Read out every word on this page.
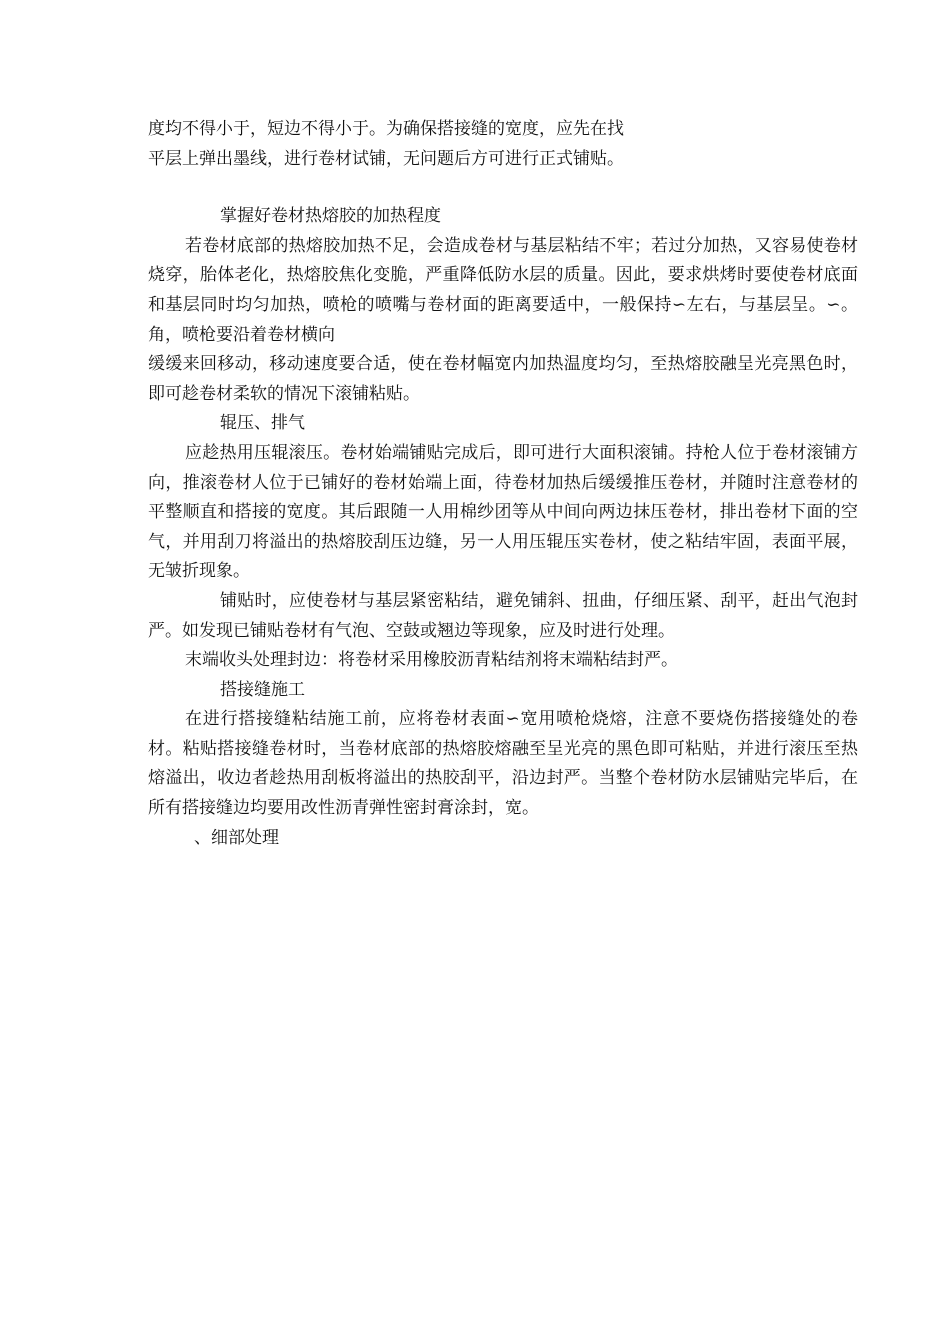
度均不得小于，短边不得小于。为确保搭接缝的宽度，应先在找

平层上弹出墨线，进行卷材试铺，无问题后方可进行正式铺贴。

掌握好卷材热熔胶的加热程度

若卷材底部的热熔胶加热不足，会造成卷材与基层粘结不牢；若过分加热，又容易使卷材烧穿，胎体老化，热熔胶焦化变脆，严重降低防水层的质量。因此，要求烘烤时要使卷材底面和基层同时均匀加热，喷枪的喷嘴与卷材面的距离要适中，一般保持∽左右，与基层呈。∽。角，喷枪要沿着卷材横向

缓缓来回移动，移动速度要合适，使在卷材幅宽内加热温度均匀，至热熔胶融呈光亮黑色时，即可趁卷材柔软的情况下滚铺粘贴。

辊压、排气

应趁热用压辊滚压。卷材始端铺贴完成后，即可进行大面积滚铺。持枪人位于卷材滚铺方向，推滚卷材人位于已铺好的卷材始端上面，待卷材加热后缓缓推压卷材，并随时注意卷材的平整顺直和搭接的宽度。其后跟随一人用棉纱团等从中间向两边抹压卷材，排出卷材下面的空气，并用刮刀将溢出的热熔胶刮压边缝，另一人用压辊压实卷材，使之粘结牢固，表面平展，无皱折现象。

铺贴时，应使卷材与基层紧密粘结，避免铺斜、扭曲，仔细压紧、刮平，赶出气泡封严。如发现已铺贴卷材有气泡、空鼓或翘边等现象，应及时进行处理。

末端收头处理封边：将卷材采用橡胶沥青粘结剂将末端粘结封严。

搭接缝施工

在进行搭接缝粘结施工前，应将卷材表面∽宽用喷枪烧熔，注意不要烧伤搭接缝处的卷材。粘贴搭接缝卷材时，当卷材底部的热熔胶熔融至呈光亮的黑色即可粘贴，并进行滚压至热熔溢出，收边者趁热用刮板将溢出的热胶刮平，沿边封严。当整个卷材防水层铺贴完毕后，在所有搭接缝边均要用改性沥青弹性密封膏涂封，宽。

、细部处理
